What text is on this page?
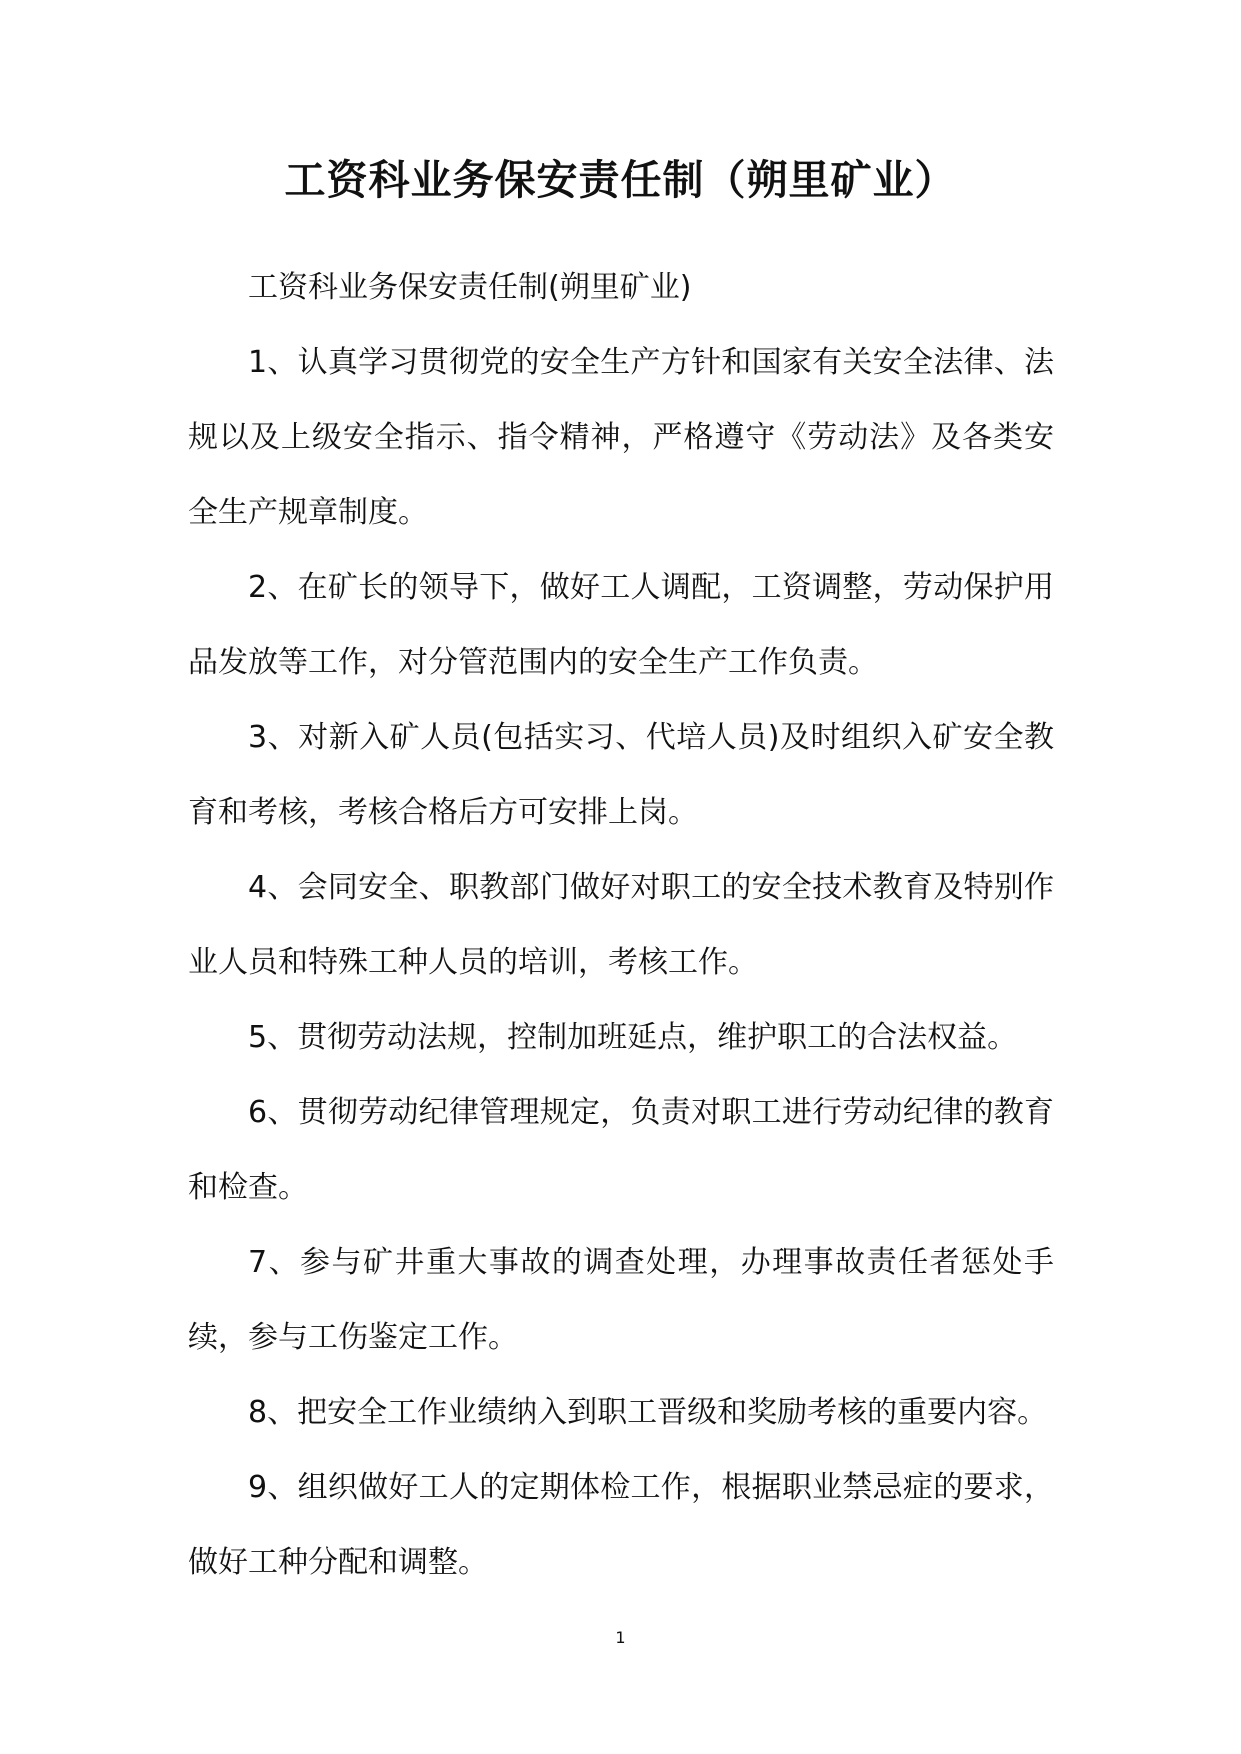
工资科业务保安责任制（朔里矿业）

工资科业务保安责任制(朔里矿业)

1、认真学习贯彻党的安全生产方针和国家有关安全法律、法规以及上级安全指示、指令精神，严格遵守《劳动法》及各类安全生产规章制度。

2、在矿长的领导下，做好工人调配，工资调整，劳动保护用品发放等工作，对分管范围内的安全生产工作负责。

3、对新入矿人员(包括实习、代培人员)及时组织入矿安全教育和考核，考核合格后方可安排上岗。

4、会同安全、职教部门做好对职工的安全技术教育及特别作业人员和特殊工种人员的培训，考核工作。

5、贯彻劳动法规，控制加班延点，维护职工的合法权益。

6、贯彻劳动纪律管理规定，负责对职工进行劳动纪律的教育和检查。

7、参与矿井重大事故的调查处理，办理事故责任者惩处手续，参与工伤鉴定工作。

8、把安全工作业绩纳入到职工晋级和奖励考核的重要内容。

9、组织做好工人的定期体检工作，根据职业禁忌症的要求，做好工种分配和调整。

1
